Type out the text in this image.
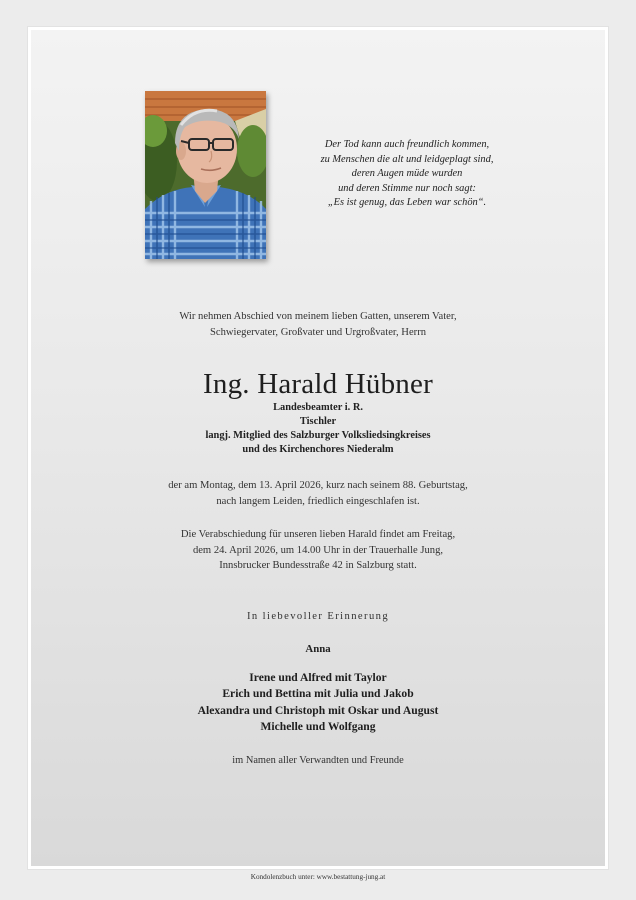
Der Tod kann auch freundlich kommen,
zu Menschen die alt und leidgeplagt sind,
deren Augen müde wurden
und deren Stimme nur noch sagt:
„Es ist genug, das Leben war schön“.
Wir nehmen Abschied von meinem lieben Gatten, unserem Vater,
Schwiegervater, Großvater und Urgroßvater, Herrn
Ing. Harald Hübner
Landesbeamter i. R.
Tischler
langj. Mitglied des Salzburger Volksliedsingkreises
und des Kirchenchores Niederalm
der am Montag, dem 13. April 2026, kurz nach seinem 88. Geburtstag,
nach langem Leiden, friedlich eingeschlafen ist.
Die Verabschiedung für unseren lieben Harald findet am Freitag,
dem 24. April 2026, um 14.00 Uhr in der Trauerhalle Jung,
Innsbrucker Bundesstraße 42 in Salzburg statt.
In liebevoller Erinnerung
Anna
Irene und Alfred mit Taylor
Erich und Bettina mit Julia und Jakob
Alexandra und Christoph mit Oskar und August
Michelle und Wolfgang
im Namen aller Verwandten und Freunde
Kondolenzbuch unter: www.bestattung-jung.at
